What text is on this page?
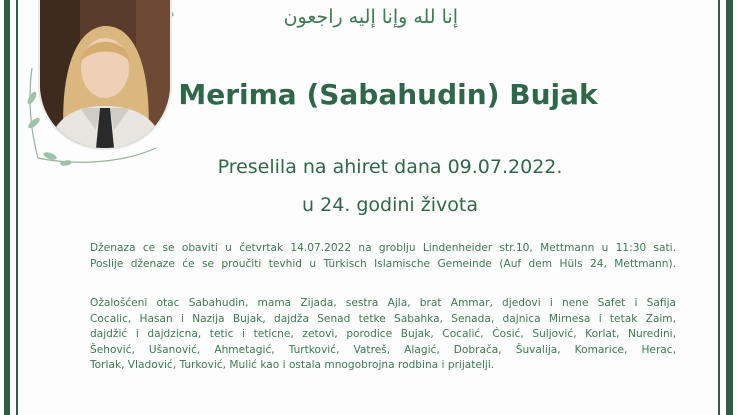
إنا لله وإنا إليه راجعون
Merima (Sabahudin) Bujak
Preselila na ahiret dana 09.07.2022.
u 24. godini života
Dženaza ce se obaviti u četvrtak 14.07.2022 na groblju Lindenheider str.10, Mettmann u 11:30 sati.
Poslije dženaze će se proučiti tevhid u Türkisch Islamische Gemeinde (Auf dem Hüls 24, Mettmann).
Ožalošćeni otac Sabahudin, mama Zijada, sestra Ajla, brat Ammar, djedovi i nene Safet i Safija
Cocalic, Hasan i Nazija Bujak, dajdža Senad tetke Sabahka, Senada, dajnica Mirnesa i tetak Zaim,
dajdžić i dajdzicna, tetic i teticne, zetovi, porodice Bujak, Cocalić, Ćosić, Suljović, Korlat, Nuredini,
Šehović, Ušanović, Ahmetagić, Turtković, Vatreš, Alagić, Dobrača, Šuvalija, Komarice, Herac,
Torlak, Vladović, Turković, Mulić kao i ostala mnogobrojna rodbina i prijatelji.
